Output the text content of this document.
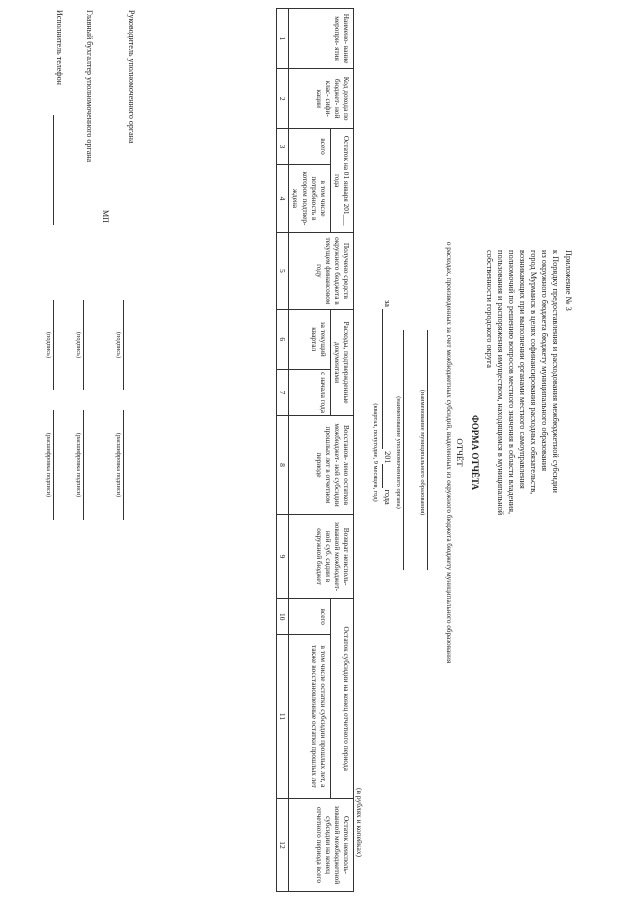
Приложение № 3
к Порядку предоставления и расходования межбюджетной субсидии
из окружного бюджета бюджету муниципального образования
город Мурманск в целях софинансирования расходных обязательств,
возникающих при выполнении органами местного самоуправления
полномочий по решению вопросов местного значения в области владения,
пользования и распоряжения имуществом, находящимся в муниципальной
собственности городского округа
ФОРМА ОТЧЁТА
ОТЧЁТ
о расходах, произведенных за счет межбюджетных субсидий, выделенных из окружного бюджета бюджету муниципального образования
(наименование муниципального образования)
(наименование уполномоченного органа)
за  201 года
(квартал, полугодие, 9 месяцев, год)
(в рублях и копейках)
Наимено- вание меропри- ятия	Код дохода по бюджет- ной клас- сифи- кации	Остаток на 01 января 201___ года		Получено средств окружного бюджета в текущем финансовом году	Расходы, подтвержденные документами		Восстанов- лено остатков межбюджет- ной субсидии прошлых лет в отчетном периоде	Возврат неисполь- зованной межбюджет- ной суб. сидии в окружной бюджет	Остаток субсидии на конец отчетного периода		Остаток неисполь- зованной межбюджетной субсидии на конец отчетного периода всего
		всего	в том числе потребность в котором подтвер- ждена		за текущий квартал	с начала года			всего	в том числе остатки субсидии прошлых лет, а также восстановленные остатки прошлых лет	
1	2	3	4	5	6	7	8	9	10	11	12
Руководитель уполномоченного органа
(подпись)
(расшифровка подписи)
МП
Главный бухгалтер уполномоченного органа
(подпись)
(расшифровка подписи)
Исполнитель телефон
(подпись)
(расшифровка подписи)
